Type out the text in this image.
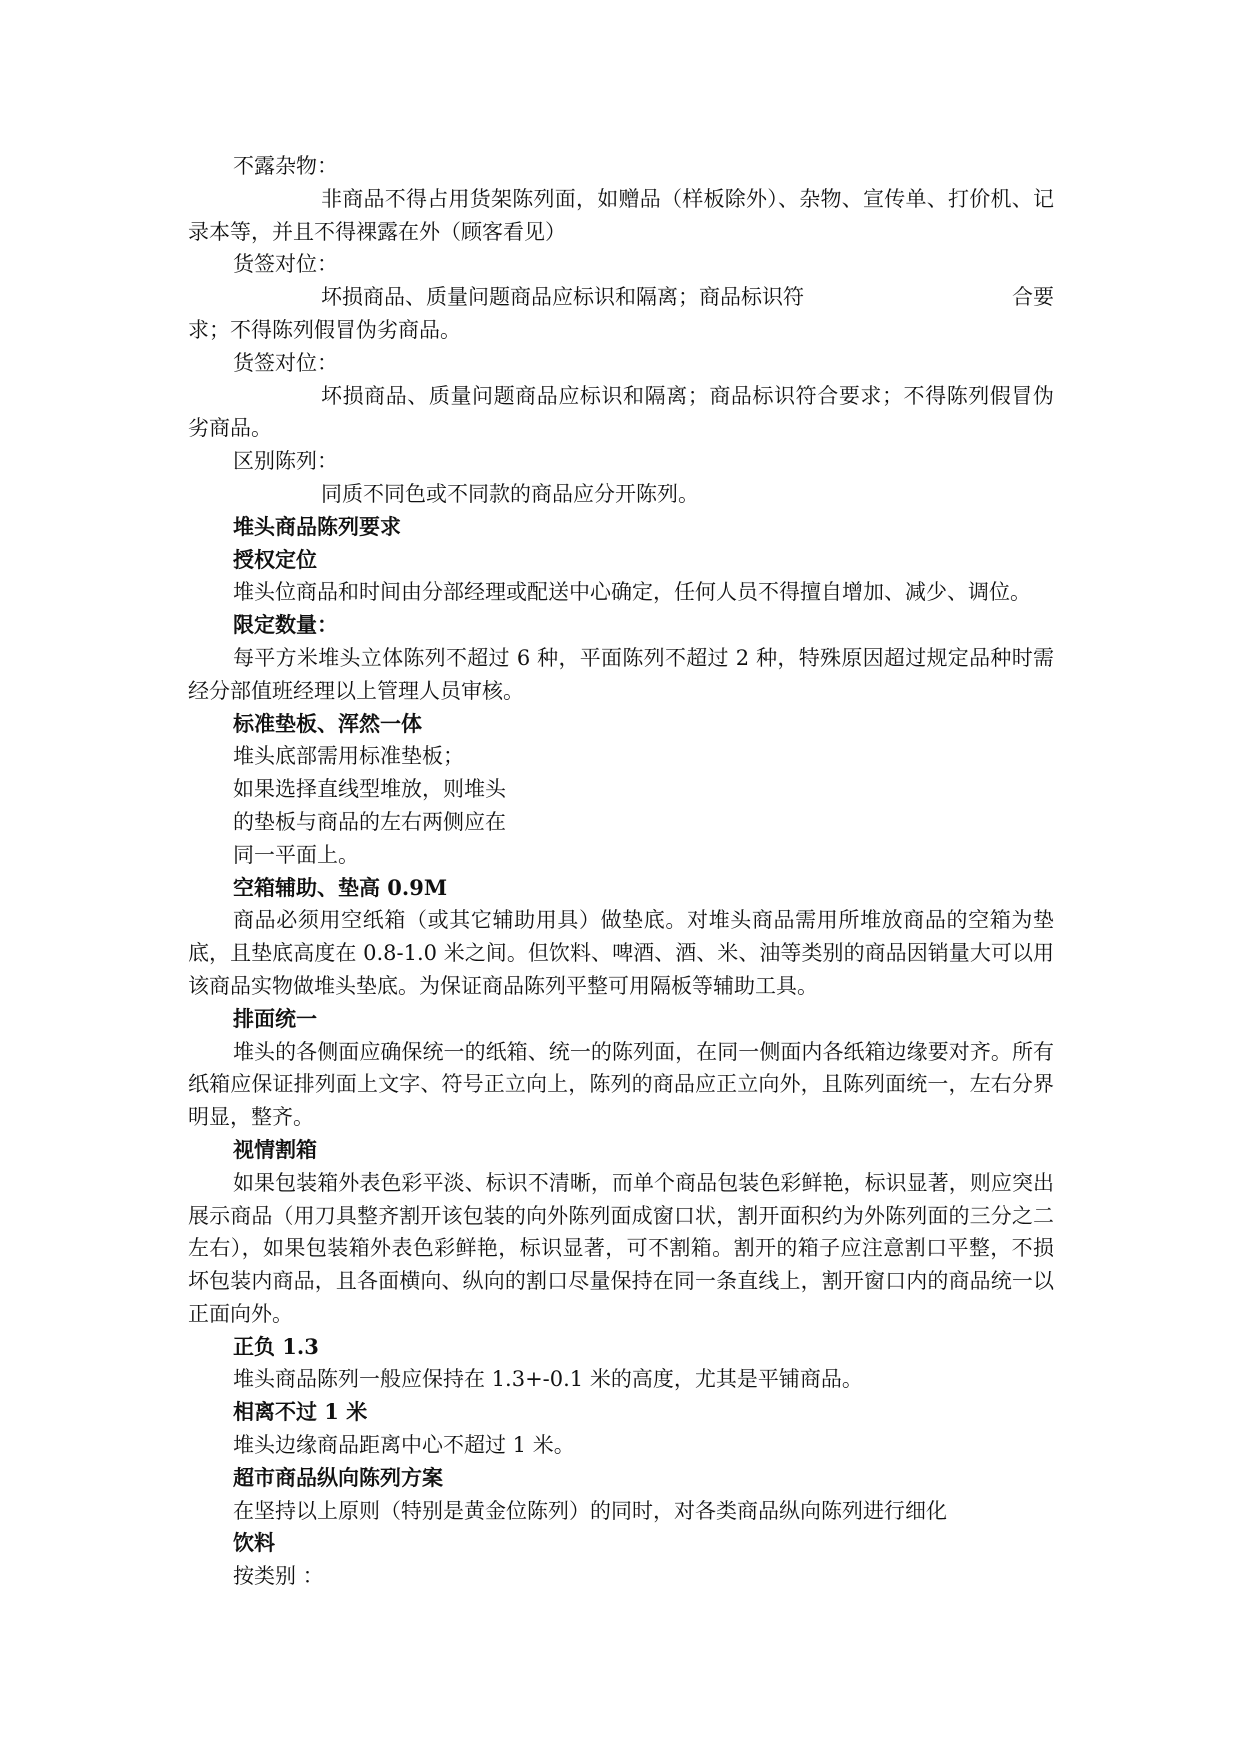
不露杂物：
非商品不得占用货架陈列面，如赠品（样板除外）、杂物、宣传单、打价机、记录本等，并且不得裸露在外（顾客看见）
货签对位：
坏损商品、质量问题商品应标识和隔离；商品标识符	合要
求；不得陈列假冒伪劣商品。
货签对位：
坏损商品、质量问题商品应标识和隔离；商品标识符合要求；不得陈列假冒伪劣商品。
区别陈列：
同质不同色或不同款的商品应分开陈列。
堆头商品陈列要求
授权定位
堆头位商品和时间由分部经理或配送中心确定，任何人员不得擅自增加、减少、调位。
限定数量：
每平方米堆头立体陈列不超过 6 种，平面陈列不超过 2 种，特殊原因超过规定品种时需经分部值班经理以上管理人员审核。
标准垫板、浑然一体
堆头底部需用标准垫板；
如果选择直线型堆放，则堆头
的垫板与商品的左右两侧应在
同一平面上。
空箱辅助、垫高 0.9M
商品必须用空纸箱（或其它辅助用具）做垫底。对堆头商品需用所堆放商品的空箱为垫底，且垫底高度在 0.8-1.0 米之间。但饮料、啤酒、酒、米、油等类别的商品因销量大可以用该商品实物做堆头垫底。为保证商品陈列平整可用隔板等辅助工具。
排面统一
堆头的各侧面应确保统一的纸箱、统一的陈列面，在同一侧面内各纸箱边缘要对齐。所有纸箱应保证排列面上文字、符号正立向上，陈列的商品应正立向外，且陈列面统一，左右分界明显，整齐。
视情割箱
如果包装箱外表色彩平淡、标识不清晰，而单个商品包装色彩鲜艳，标识显著，则应突出展示商品（用刀具整齐割开该包装的向外陈列面成窗口状，割开面积约为外陈列面的三分之二左右），如果包装箱外表色彩鲜艳，标识显著，可不割箱。割开的箱子应注意割口平整，不损坏包装内商品，且各面横向、纵向的割口尽量保持在同一条直线上，割开窗口内的商品统一以正面向外。
正负 1.3
堆头商品陈列一般应保持在 1.3+-0.1 米的高度，尤其是平铺商品。
相离不过 1 米
堆头边缘商品距离中心不超过 1 米。
超市商品纵向陈列方案
在坚持以上原则（特别是黄金位陈列）的同时，对各类商品纵向陈列进行细化
饮料
按类别 ：
